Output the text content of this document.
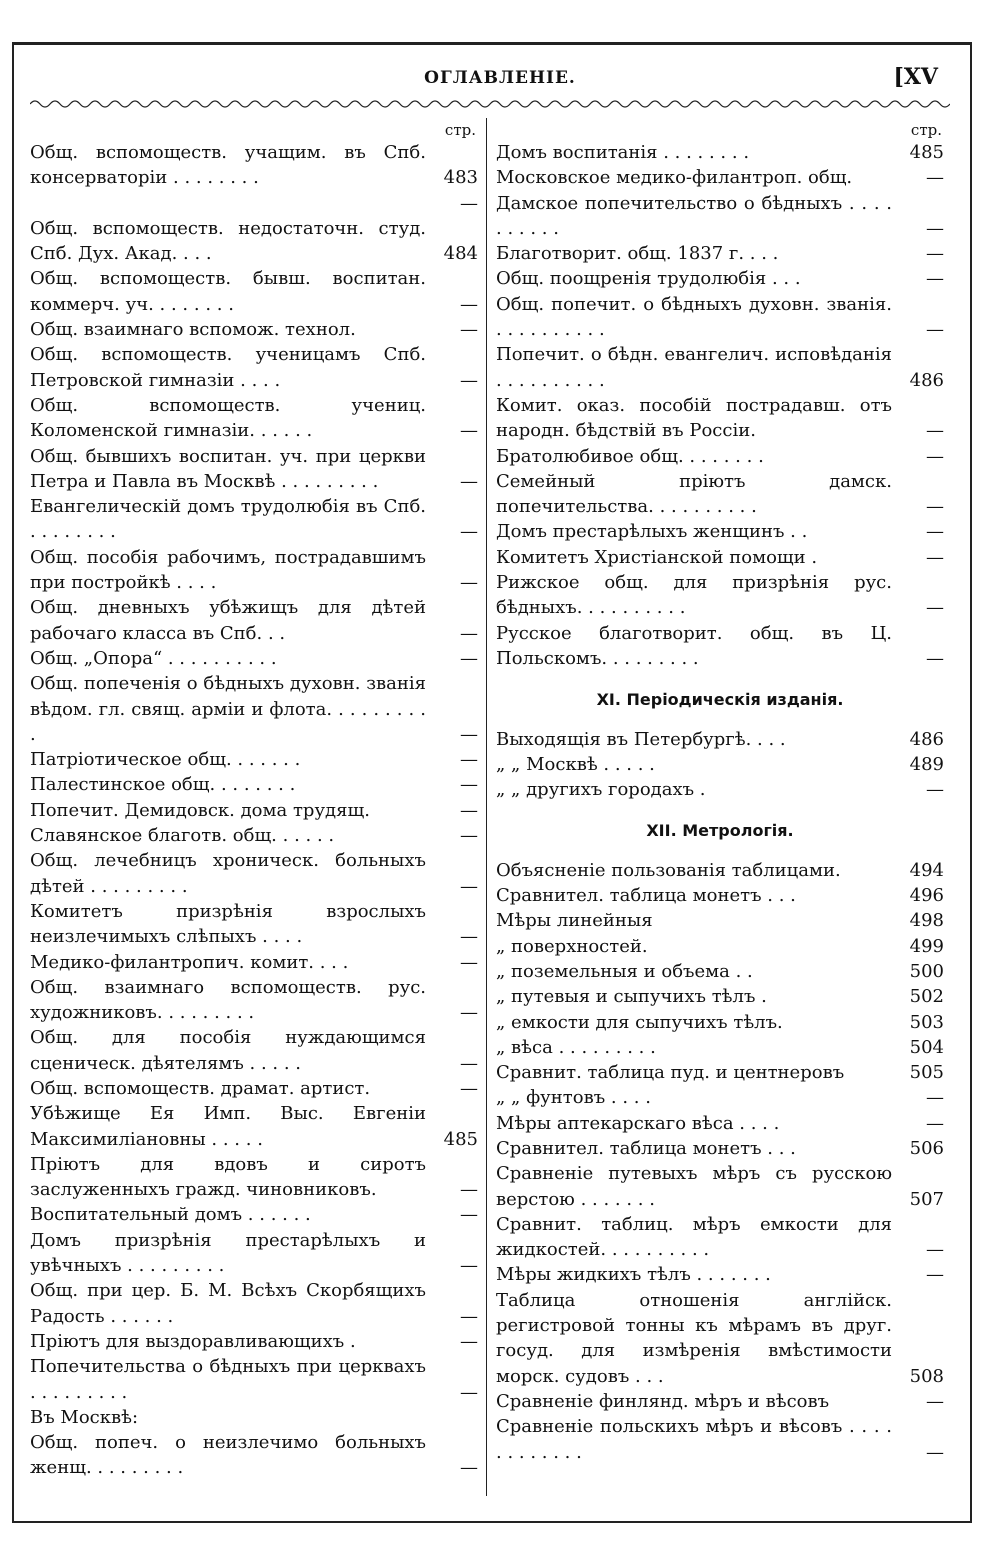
ОГЛАВЛЕНІЕ.	[XV
стр.
Общ. вспомоществ. учащим. въ Спб. консерваторіи . . . . . . . .	483
—
Общ. вспомоществ. недостаточн. студ. Спб. Дух. Акад. . . .	484
Общ. вспомоществ. бывш. воспитан. коммерч. уч. . . . . . . .	—
Общ. взаимнаго вспомож. технол.	—
Общ. вспомоществ. ученицамъ Спб. Петровской гимназіи . . . .	—
Общ. вспомоществ. учениц. Коломенской гимназіи. . . . . .	—
Общ. бывшихъ воспитан. уч. при церкви Петра и Павла въ Москвѣ . . . . . . . . .	—
Евангелическій домъ трудолюбія въ Спб. . . . . . . . .	—
Общ. пособія рабочимъ, пострадавшимъ при постройкѣ . . . .	—
Общ. дневныхъ убѣжищъ для дѣтей рабочаго класса въ Спб. . .	—
Общ. „Опора“ . . . . . . . . . .	—
Общ. попеченія о бѣдныхъ духовн. званія вѣдом. гл. свящ. арміи и флота. . . . . . . . . .	—
Патріотическое общ. . . . . . .	—
Палестинское общ. . . . . . . .	—
Попечит. Демидовск. дома трудящ.	—
Славянское благотв. общ. . . . . .	—
Общ. лечебницъ хроническ. больныхъ дѣтей . . . . . . . . .	—
Комитетъ призрѣнія взрослыхъ неизлечимыхъ слѣпыхъ . . . .	—
Медико-филантропич. комит. . . .	—
Общ. взаимнаго вспомоществ. рус. художниковъ. . . . . . . . .	—
Общ. для пособія нуждающимся сценическ. дѣятелямъ . . . . .	—
Общ. вспомоществ. драмат. артист.	—
Убѣжище Ея Имп. Выс. Евгеніи Максимиліановны . . . . .	485
Пріютъ для вдовъ и сиротъ заслуженныхъ гражд. чиновниковъ.	—
Воспитательный домъ . . . . . .	—
Домъ призрѣнія престарѣлыхъ и увѣчныхъ . . . . . . . . .	—
Общ. при цер. Б. М. Всѣхъ Скорбящихъ Радость . . . . . .	—
Пріютъ для выздоравливающихъ .	—
Попечительства о бѣдныхъ при церквахъ . . . . . . . . .	—
Въ Москвѣ:
Общ. попеч. о неизлечимо больныхъ женщ. . . . . . . . .	—
стр.
Домъ воспитанія . . . . . . . .	485
Московское медико-филантроп. общ.	—
Дамское попечительство о бѣдныхъ . . . . . . . . . .	—
Благотворит. общ. 1837 г. . . .	—
Общ. поощренія трудолюбія . . .	—
Общ. попечит. о бѣдныхъ духовн. званія. . . . . . . . . . .	—
Попечит. о бѣдн. евангелич. исповѣданія . . . . . . . . . .	486
Комит. оказ. пособій пострадавш. отъ народн. бѣдствій въ Россіи.	—
Братолюбивое общ. . . . . . . .	—
Семейный пріютъ дамск. попечительства. . . . . . . . . .	—
Домъ престарѣлыхъ женщинъ . .	—
Комитетъ Христіанской помощи .	—
Рижское общ. для призрѣнія рус. бѣдныхъ. . . . . . . . . .	—
Русское благотворит. общ. въ Ц. Польскомъ. . . . . . . . .	—
XI. Періодическія изданія.
Выходящія въ Петербургѣ. . . .	486
„ „ Москвѣ . . . . .	489
„ „ другихъ городахъ .	—
XII. Метрологія.
Объясненіе пользованія таблицами.	494
Сравнител. таблица монетъ . . .	496
Мѣры линейныя	498
„ поверхностей.	499
„ поземельныя и объема . .	500
„ путевыя и сыпучихъ тѣлъ .	502
„ емкости для сыпучихъ тѣлъ.	503
„ вѣса . . . . . . . . .	504
Сравнит. таблица пуд. и центнеровъ	505
„ „ фунтовъ . . . .	—
Мѣры аптекарскаго вѣса . . . .	—
Сравнител. таблица монетъ . . .	506
Сравненіе путевыхъ мѣръ съ русскою верстою . . . . . . .	507
Сравнит. таблиц. мѣръ емкости для жидкостей. . . . . . . . . .	—
Мѣры жидкихъ тѣлъ . . . . . . .	—
Таблица отношенія англійск. регистровой тонны къ мѣрамъ въ друг. госуд. для измѣренія вмѣстимости морск. судовъ . . .	508
Сравненіе финлянд. мѣръ и вѣсовъ	—
Сравненіе польскихъ мѣръ и вѣсовъ . . . . . . . . . . . .	—
